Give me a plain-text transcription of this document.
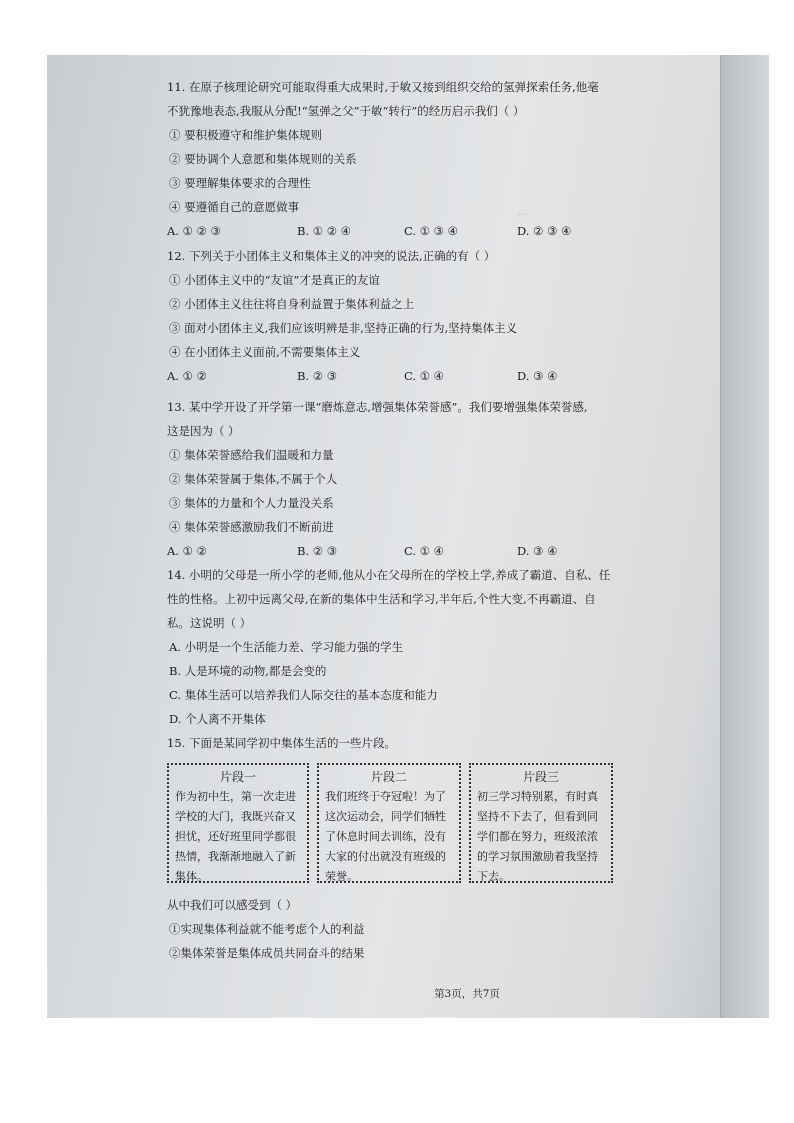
…
11. 在原子核理论研究可能取得重大成果时,于敏又接到组织交给的氢弹探索任务,他毫
不犹豫地表态,我服从分配!“氢弹之父”于敏“转行”的经历启示我们（ ）
① 要积极遵守和维护集体规则
② 要协调个人意愿和集体规则的关系
③ 要理解集体要求的合理性
④ 要遵循自己的意愿做事
A. ① ② ③	B. ① ② ④	C. ① ③ ④	D. ② ③ ④
12. 下列关于小团体主义和集体主义的冲突的说法,正确的有（ ）
① 小团体主义中的“友谊”才是真正的友谊
② 小团体主义往往将自身利益置于集体利益之上
③ 面对小团体主义,我们应该明辨是非,坚持正确的行为,坚持集体主义
④ 在小团体主义面前,不需要集体主义
A. ① ②	B. ② ③	C. ① ④	D. ③ ④
13. 某中学开设了开学第一课“磨炼意志,增强集体荣誉感”。我们要增强集体荣誉感,
这是因为（ ）
① 集体荣誉感给我们温暖和力量
② 集体荣誉属于集体,不属于个人
③ 集体的力量和个人力量没关系
④ 集体荣誉感激励我们不断前进
A. ① ②	B. ② ③	C. ① ④	D. ③ ④
14. 小明的父母是一所小学的老师,他从小在父母所在的学校上学,养成了霸道、自私、任
性的性格。上初中远离父母,在新的集体中生活和学习,半年后,个性大变,不再霸道、自
私。这说明（ ）
A. 小明是一个生活能力差、学习能力强的学生
B. 人是环境的动物,都是会变的
C. 集体生活可以培养我们人际交往的基本态度和能力
D. 个人离不开集体
15. 下面是某同学初中集体生活的一些片段。
片段一
作为初中生，第一次走进学校的大门，我既兴奋又担忧，还好班里同学都很热情，我渐渐地融入了新集体。
片段二
我们班终于夺冠啦！为了这次运动会，同学们牺牲了休息时间去训练，没有大家的付出就没有班级的荣誉。
片段三
初三学习特别累，有时真坚持不下去了，但看到同学们都在努力，班级浓浓的学习氛围激励着我坚持下去。
从中我们可以感受到（ ）
①实现集体利益就不能考虑个人的利益
②集体荣誉是集体成员共同奋斗的结果
第3页，共7页
